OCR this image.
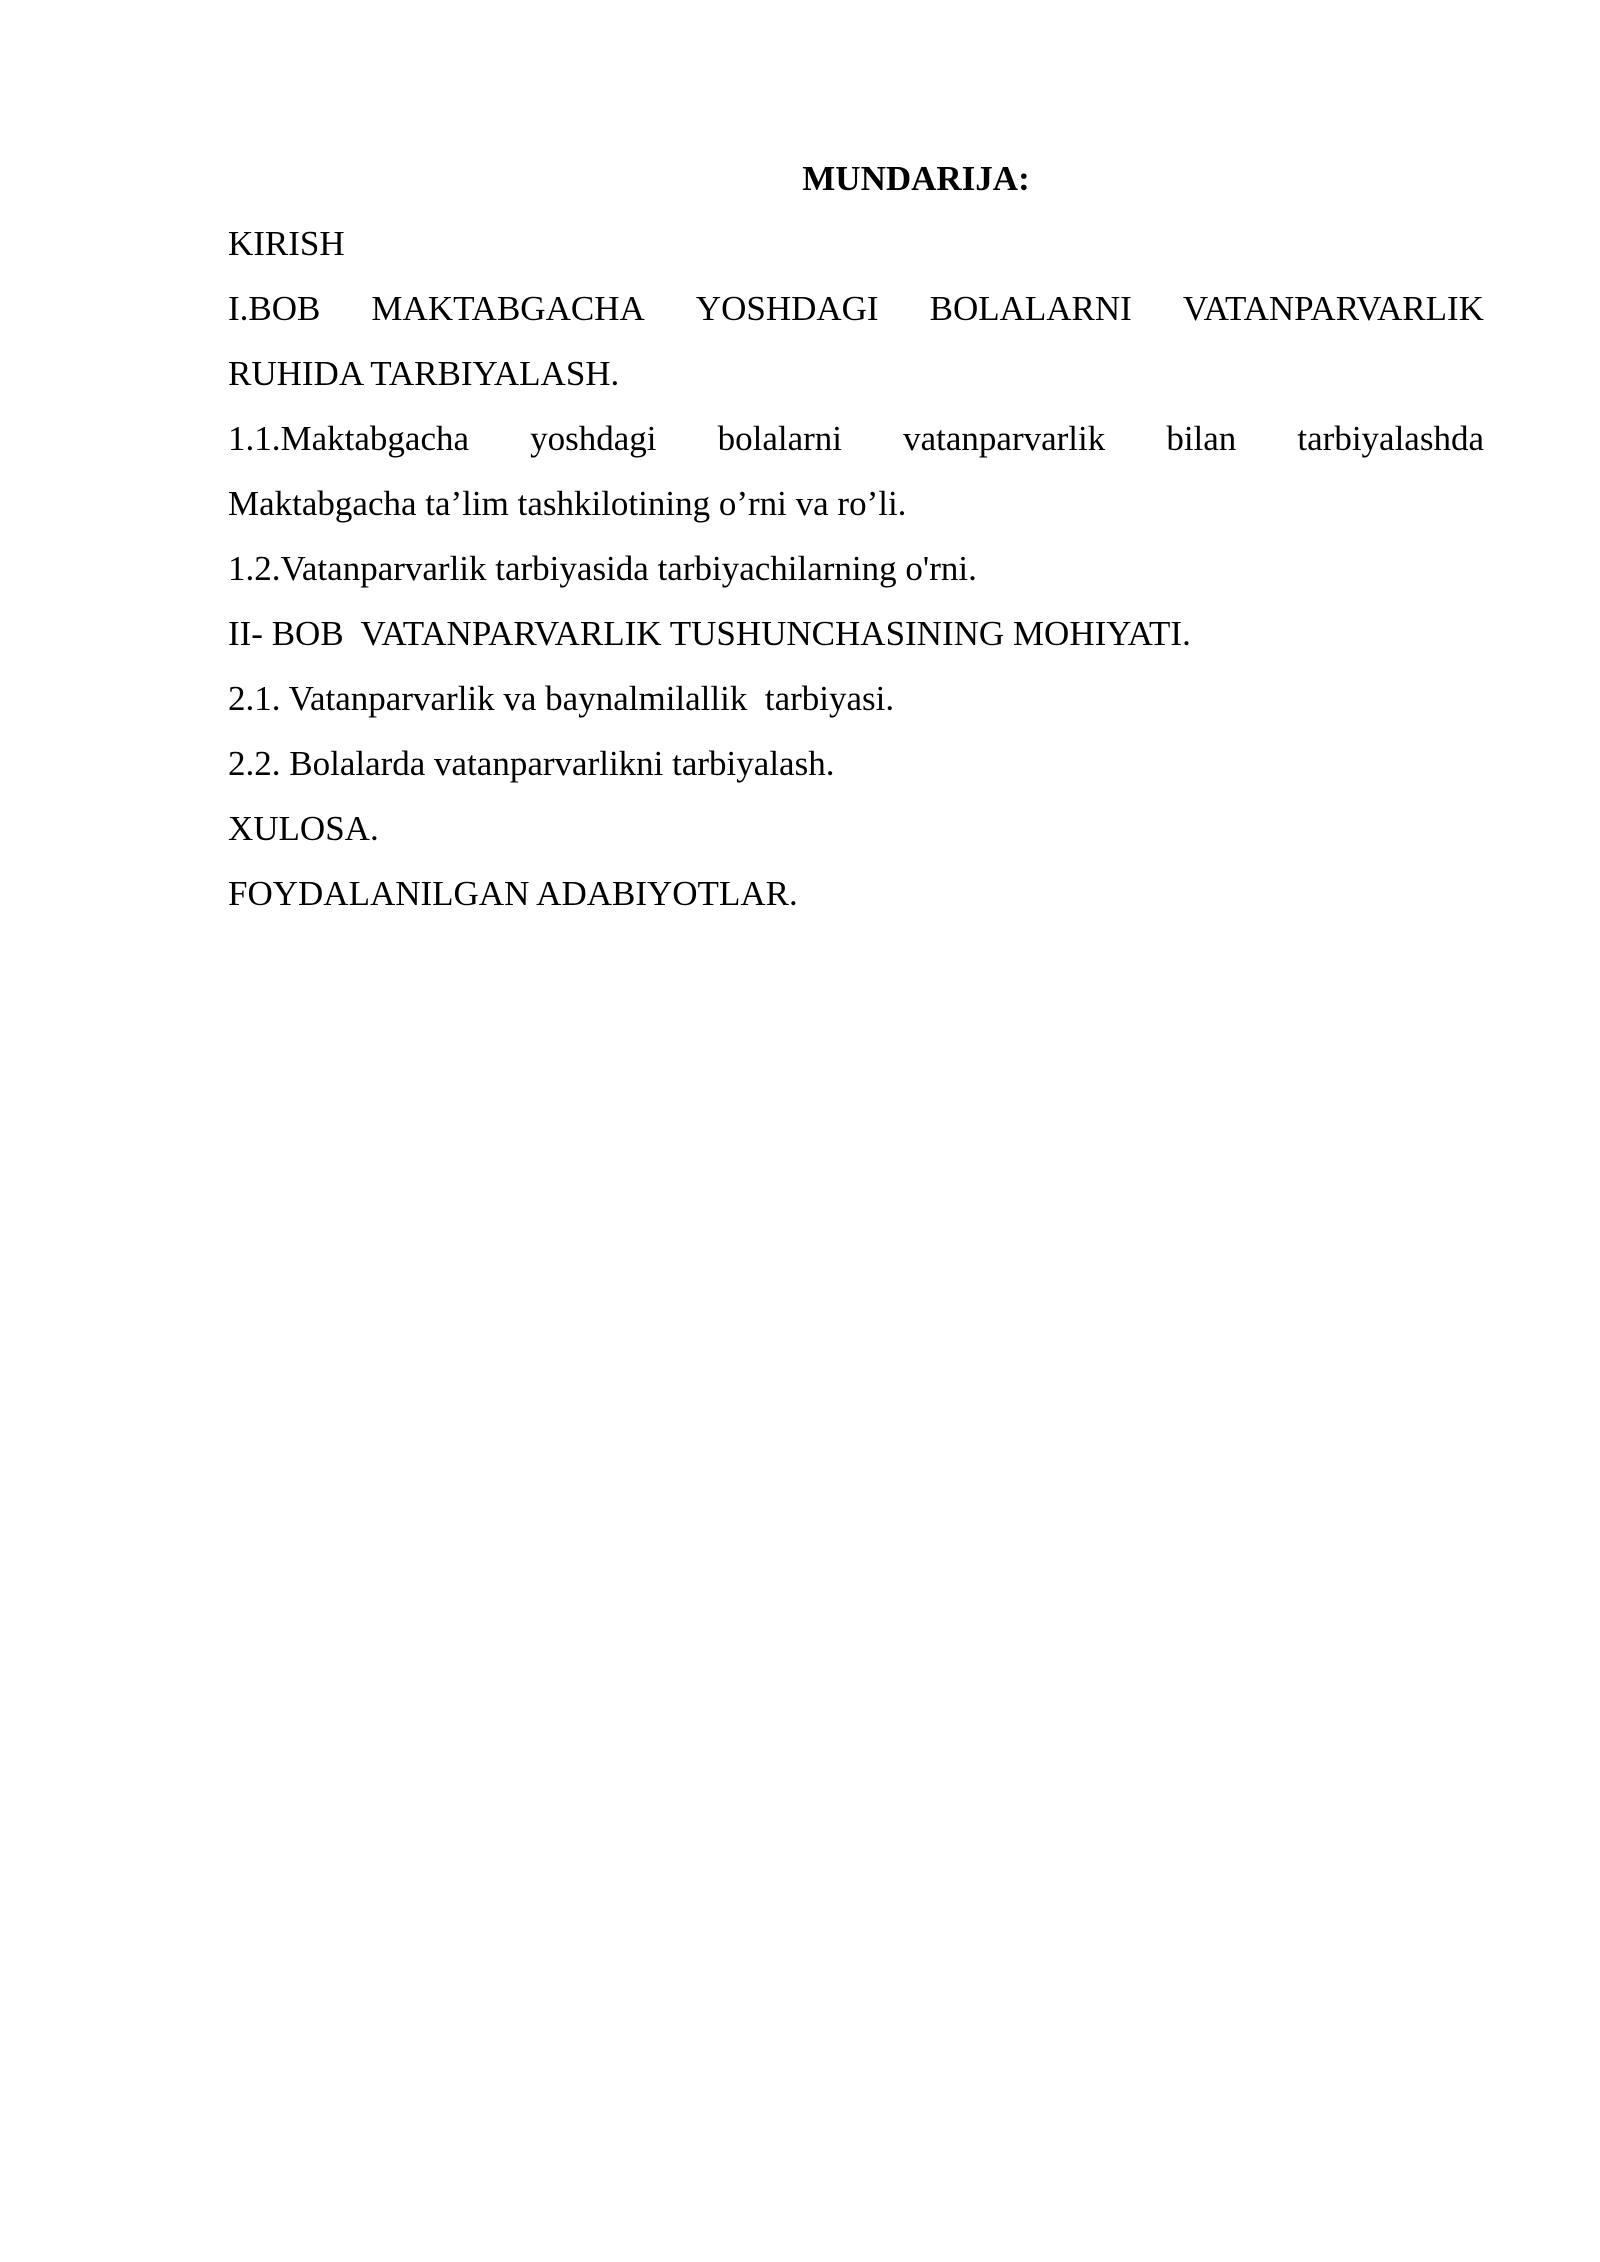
MUNDARIJA:

KIRISH

I.BOB MAKTABGACHA YOSHDAGI BOLALARNI VATANPARVARLIK

RUHIDA TARBIYALASH.

1.1.Maktabgacha yoshdagi bolalarni vatanparvarlik bilan tarbiyalashda

Maktabgacha ta’lim tashkilotining o’rni va ro’li.

1.2.Vatanparvarlik tarbiyasida tarbiyachilarning o'rni.

II- BOB  VATANPARVARLIK TUSHUNCHASINING MOHIYATI.

2.1. Vatanparvarlik va baynalmilallik  tarbiyasi.

2.2. Bolalarda vatanparvarlikni tarbiyalash.

XULOSA.

FOYDALANILGAN ADABIYOTLAR.
